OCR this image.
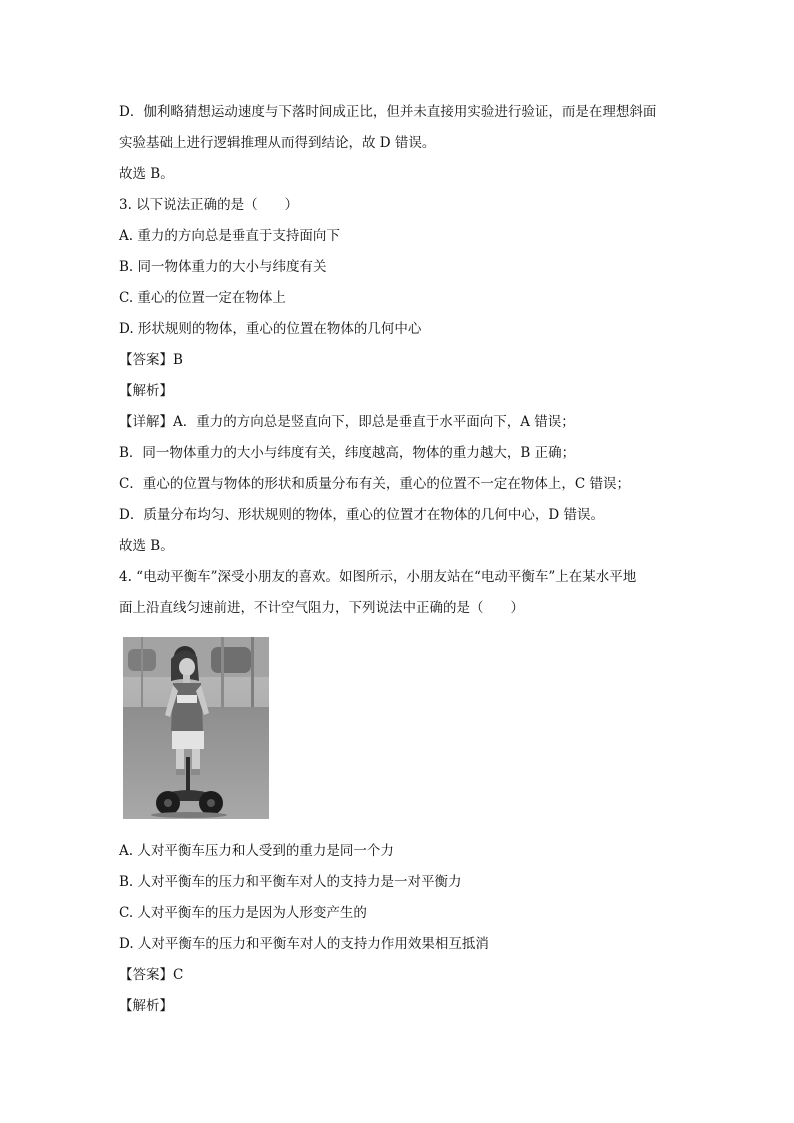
D．伽利略猜想运动速度与下落时间成正比，但并未直接用实验进行验证，而是在理想斜面
实验基础上进行逻辑推理从而得到结论，故 D 错误。
故选 B。
3. 以下说法正确的是（　　）
A. 重力的方向总是垂直于支持面向下
B. 同一物体重力的大小与纬度有关
C. 重心的位置一定在物体上
D. 形状规则的物体，重心的位置在物体的几何中心
【答案】B
【解析】
【详解】A．重力的方向总是竖直向下，即总是垂直于水平面向下，A 错误；
B．同一物体重力的大小与纬度有关，纬度越高，物体的重力越大，B 正确；
C．重心的位置与物体的形状和质量分布有关，重心的位置不一定在物体上，C 错误；
D．质量分布均匀、形状规则的物体，重心的位置才在物体的几何中心，D 错误。
故选 B。
4. “电动平衡车”深受小朋友的喜欢。如图所示，小朋友站在“电动平衡车”上在某水平地
面上沿直线匀速前进，不计空气阻力，下列说法中正确的是（　　）
A. 人对平衡车压力和人受到的重力是同一个力
B. 人对平衡车的压力和平衡车对人的支持力是一对平衡力
C. 人对平衡车的压力是因为人形变产生的
D. 人对平衡车的压力和平衡车对人的支持力作用效果相互抵消
【答案】C
【解析】
